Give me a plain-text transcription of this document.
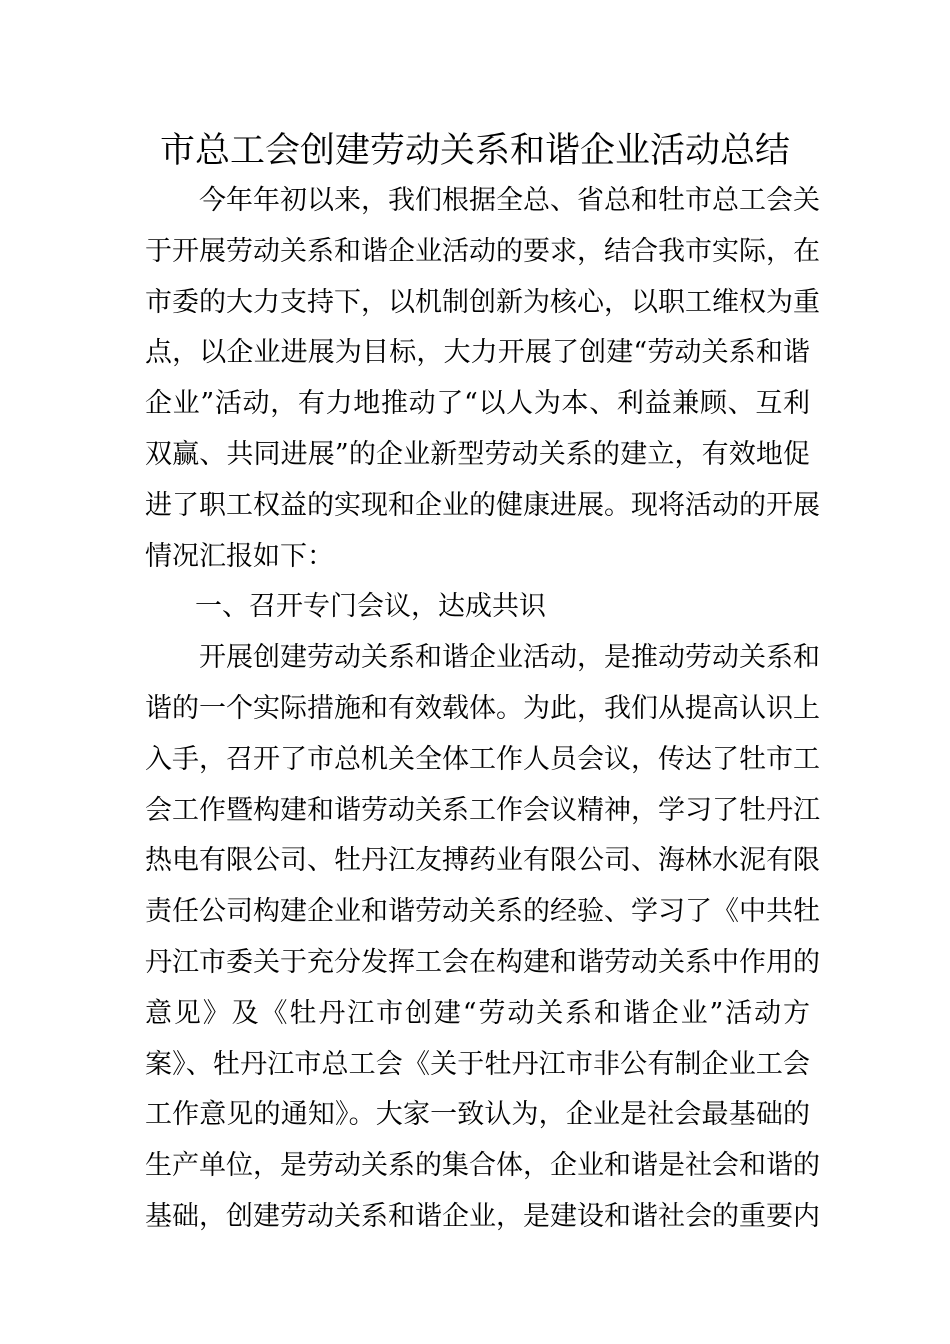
市总工会创建劳动关系和谐企业活动总结
今年年初以来，我们根据全总、省总和牡市总工会关
于开展劳动关系和谐企业活动的要求，结合我市实际，在
市委的大力支持下，以机制创新为核心，以职工维权为重
点，以企业进展为目标，大力开展了创建“劳动关系和谐
企业”活动，有力地推动了“以人为本、利益兼顾、互利
双赢、共同进展”的企业新型劳动关系的建立，有效地促
进了职工权益的实现和企业的健康进展。现将活动的开展
情况汇报如下：
一、召开专门会议，达成共识
开展创建劳动关系和谐企业活动，是推动劳动关系和
谐的一个实际措施和有效载体。为此，我们从提高认识上
入手，召开了市总机关全体工作人员会议，传达了牡市工
会工作暨构建和谐劳动关系工作会议精神，学习了牡丹江
热电有限公司、牡丹江友搏药业有限公司、海林水泥有限
责任公司构建企业和谐劳动关系的经验、学习了《中共牡
丹江市委关于充分发挥工会在构建和谐劳动关系中作用的
意见》及《牡丹江市创建“劳动关系和谐企业”活动方
案》、牡丹江市总工会《关于牡丹江市非公有制企业工会
工作意见的通知》。大家一致认为，企业是社会最基础的
生产单位，是劳动关系的集合体，企业和谐是社会和谐的
基础，创建劳动关系和谐企业，是建设和谐社会的重要内
